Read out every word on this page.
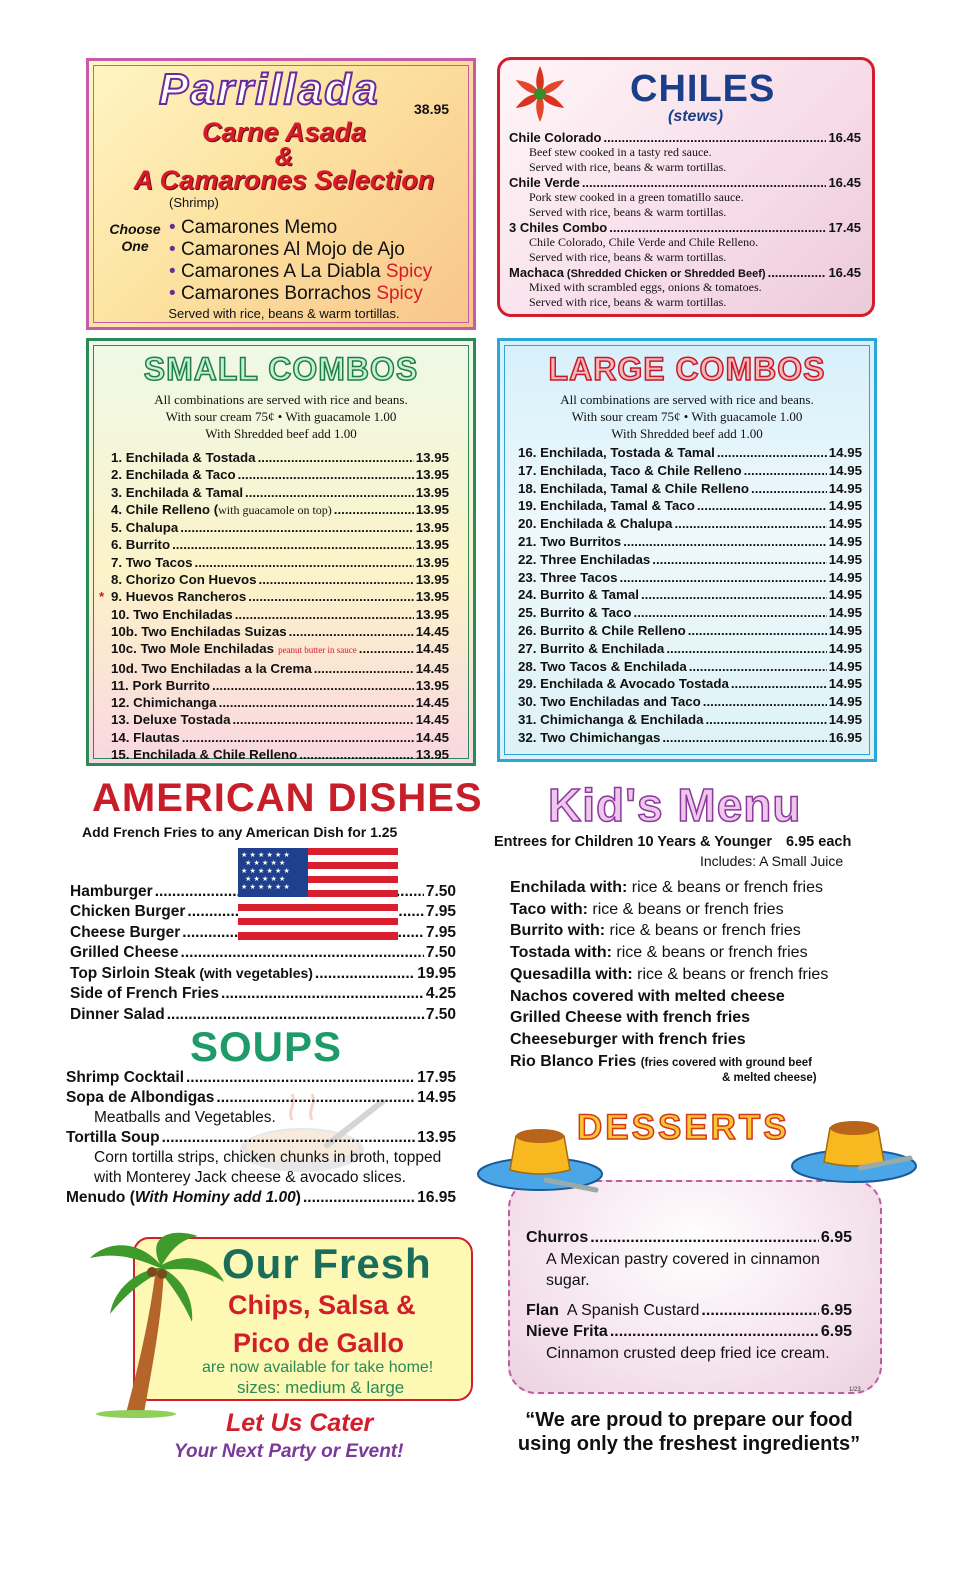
Parrillada 38.95
Carne Asada
&
A Camarones Selection
(Shrimp)
Choose One
• Camarones Memo
• Camarones Al Mojo de Ajo
• Camarones A La Diabla Spicy
• Camarones Borrachos Spicy
Served with rice, beans & warm tortillas.
CHILES
(stews)
Chile Colorado .....	16.45
Beef stew cooked in a tasty red sauce.
Served with rice, beans & warm tortillas.
Chile Verde .....	16.45
Pork stew cooked in a green tomatillo sauce.
Served with rice, beans & warm tortillas.
3 Chiles Combo .....	17.45
Chile Colorado, Chile Verde and Chile Relleno.
Served with rice, beans & warm tortillas.
Machaca (Shredded Chicken or Shredded Beef) .....	16.45
Mixed with scrambled eggs, onions & tomatoes.
Served with rice, beans & warm tortillas.
SMALL COMBOS
All combinations are served with rice and beans.
With sour cream 75¢ • With guacamole 1.00
With Shredded beef add 1.00
1. Enchilada & Tostada .....	13.95
2. Enchilada & Taco .....	13.95
3. Enchilada & Tamal .....	13.95
4. Chile Relleno ( with guacamole on top) .....	13.95
5. Chalupa .....	13.95
6. Burrito .....	13.95
7. Two Tacos .....	13.95
8. Chorizo Con Huevos .....	13.95
* 9. Huevos Rancheros .....	13.95
10. Two Enchiladas .....	13.95
10b. Two Enchiladas Suizas .....	14.45
10c. Two Mole Enchiladas peanut butter in sauce .....	14.45
10d. Two Enchiladas a la Crema .....	14.45
11. Pork Burrito .....	13.95
12. Chimichanga .....	14.45
13. Deluxe Tostada .....	14.45
14. Flautas .....	14.45
15. Enchilada & Chile Relleno .....	13.95
LARGE COMBOS
All combinations are served with rice and beans.
With sour cream 75¢ • With guacamole 1.00
With Shredded beef add 1.00
16. Enchilada, Tostada & Tamal .....	14.95
17. Enchilada, Taco & Chile Relleno .....	14.95
18. Enchilada, Tamal & Chile Relleno .....	14.95
19. Enchilada, Tamal & Taco .....	14.95
20. Enchilada & Chalupa .....	14.95
21. Two Burritos .....	14.95
22. Three Enchiladas .....	14.95
23. Three Tacos .....	14.95
24. Burrito & Tamal .....	14.95
25. Burrito & Taco .....	14.95
26. Burrito & Chile Relleno .....	14.95
27. Burrito & Enchilada .....	14.95
28. Two Tacos & Enchilada .....	14.95
29. Enchilada & Avocado Tostada .....	14.95
30. Two Enchiladas and Taco .....	14.95
31. Chimichanga & Enchilada .....	14.95
32. Two Chimichangas .....	16.95
AMERICAN DISHES
Add French Fries to any American Dish for 1.25
Hamburger .....	7.50
Chicken Burger .....	7.95
Cheese Burger .....	7.95
Grilled Cheese .....	7.50
Top Sirloin Steak (with vegetables) .....	19.95
Side of French Fries .....	4.25
Dinner Salad .....	7.50
★ ★ ★ ★ ★ ★
★ ★ ★ ★ ★
★ ★ ★ ★ ★ ★
★ ★ ★ ★ ★
★ ★ ★ ★ ★ ★
SOUPS
Shrimp Cocktail .....	17.95
Sopa de Albondigas .....	14.95
Meatballs and Vegetables.
Tortilla Soup .....	13.95
Corn tortilla strips, chicken chunks in broth, topped
with Monterey Jack cheese & avocado slices.
Menudo ( With Hominy add 1.00 ) .....	16.95
Our Fresh
Chips, Salsa &
Pico de Gallo
are now available for take home!
sizes: medium & large
Let Us Cater
Your Next Party or Event!
Kid's Menu
Entrees for Children 10 Years & Younger 6.95 each
Includes: A Small Juice
Enchilada with: rice & beans or french fries
Taco with: rice & beans or french fries
Burrito with: rice & beans or french fries
Tostada with: rice & beans or french fries
Quesadilla with: rice & beans or french fries
Nachos covered with melted cheese
Grilled Cheese with french fries
Cheeseburger with french fries
Rio Blanco Fries (fries covered with ground beef
& melted cheese)
DESSERTS
Churros .....	6.95
A Mexican pastry covered in cinnamon sugar.
Flan A Spanish Custard .....	6.95
Nieve Frita .....	6.95
Cinnamon crusted deep fried ice cream.
1/23
“We are proud to prepare our food
using only the freshest ingredients”
